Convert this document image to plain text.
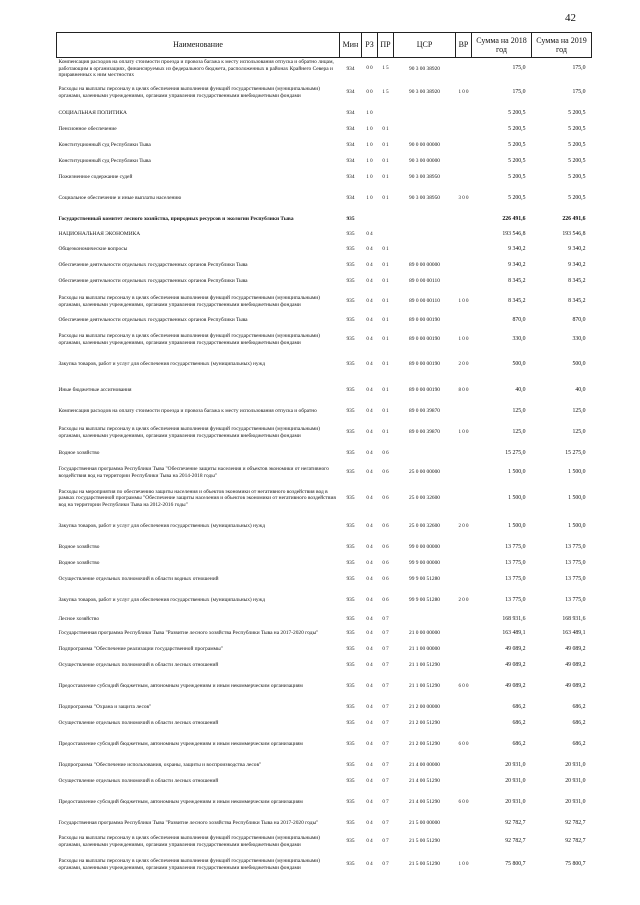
42
Наименование	Мин	РЗ	ПР	ЦСР	ВР	Сумма на 2018 год	Сумма на 2019 год
Компенсация расходов на оплату стоимости проезда и провоза багажа к месту использования отпуска и обратно лицам, работающим в организациях, финансируемых из федерального бюджета, расположенных в районах Крайнего Севера и приравненных к ним местностях	934	0 0	1 5	90 3 00 38920		175,0	175,0
Расходы на выплаты персоналу в целях обеспечения выполнения функций государственными (муниципальными) органами, казенными учреждениями, органами управления государственными внебюджетными фондами	934	0 0	1 5	90 3 00 38920	1 0 0	175,0	175,0
СОЦИАЛЬНАЯ ПОЛИТИКА	934	1 0				5 200,5	5 200,5
Пенсионное обеспечение	934	1 0	0 1			5 200,5	5 200,5
Конституционный суд Республики Тыва	934	1 0	0 1	90 0 00 00000		5 200,5	5 200,5
Конституционный суд Республики Тыва	934	1 0	0 1	90 3 00 00000		5 200,5	5 200,5
Пожизненное содержание судей	934	1 0	0 1	90 3 00 38950		5 200,5	5 200,5
Социальное обеспечение и иные выплаты населению	934	1 0	0 1	90 3 00 38950	3 0 0	5 200,5	5 200,5
Государственный комитет лесного хозяйства, природных ресурсов и экологии Республики Тыва	935					226 491,6	226 491,6
НАЦИОНАЛЬНАЯ ЭКОНОМИКА	935	0 4				193 546,8	193 546,8
Общеэкономические вопросы	935	0 4	0 1			9 340,2	9 340,2
Обеспечение деятельности отдельных государственных органов Республики Тыва	935	0 4	0 1	89 0 00 00000		9 340,2	9 340,2
Обеспечение деятельности отдельных государственных органов Республики Тыва	935	0 4	0 1	89 0 00 00110		8 345,2	8 345,2
Расходы на выплаты персоналу в целях обеспечения выполнения функций государственными (муниципальными) органами, казенными учреждениями, органами управления государственными внебюджетными фондами	935	0 4	0 1	89 0 00 00110	1 0 0	8 345,2	8 345,2
Обеспечение деятельности отдельных государственных органов Республики Тыва	935	0 4	0 1	89 0 00 00190		870,0	870,0
Расходы на выплаты персоналу в целях обеспечения выполнения функций государственными (муниципальными) органами, казенными учреждениями, органами управления государственными внебюджетными фондами	935	0 4	0 1	89 0 00 00190	1 0 0	330,0	330,0
Закупка товаров, работ и услуг для обеспечения государственных (муниципальных) нужд	935	0 4	0 1	89 0 00 00190	2 0 0	500,0	500,0
Иные бюджетные ассигнования	935	0 4	0 1	89 0 00 00190	8 0 0	40,0	40,0
Компенсация расходов на оплату стоимости проезда и провоза багажа к месту использования отпуска и обратно	935	0 4	0 1	89 0 00 39870		125,0	125,0
Расходы на выплаты персоналу в целях обеспечения выполнения функций государственными (муниципальными) органами, казенными учреждениями, органами управления государственными внебюджетными фондами	935	0 4	0 1	89 0 00 39870	1 0 0	125,0	125,0
Водное хозяйство	935	0 4	0 6			15 275,0	15 275,0
Государственная программа Республики Тыва "Обеспечение защиты населения и объектов экономики от негативного воздействия вод на территории Республики Тыва на 2014-2018 годы"	935	0 4	0 6	25 0 00 00000		1 500,0	1 500,0
Расходы на мероприятия по обеспечению защиты населения и объектов экономики от негативного воздействия вод в рамках государственной программы "Обеспечение защиты населения и объектов экономики от негативного воздействия вод на территории Республики Тыва на 2012-2016 годы"	935	0 4	0 6	25 0 00 32600		1 500,0	1 500,0
Закупка товаров, работ и услуг для обеспечения государственных (муниципальных) нужд	935	0 4	0 6	25 0 00 32600	2 0 0	1 500,0	1 500,0
Водное хозяйство	935	0 4	0 6	99 0 00 00000		13 775,0	13 775,0
Водное хозяйство	935	0 4	0 6	99 9 00 00000		13 775,0	13 775,0
Осуществление отдельных полномочий в области водных отношений	935	0 4	0 6	99 9 00 51280		13 775,0	13 775,0
Закупка товаров, работ и услуг для обеспечения государственных (муниципальных) нужд	935	0 4	0 6	99 9 00 51280	2 0 0	13 775,0	13 775,0
Лесное хозяйство	935	0 4	0 7			168 931,6	168 931,6
Государственная программа Республики Тыва "Развитие лесного хозяйства Республики Тыва на 2017-2020 годы"	935	0 4	0 7	21 0 00 00000		163 489,1	163 489,1
Подпрограмма "Обеспечение реализации государственной программы"	935	0 4	0 7	21 1 00 00000		49 089,2	49 089,2
Осуществление отдельных полномочий в области лесных отношений	935	0 4	0 7	21 1 00 51290		49 089,2	49 089,2
Предоставление субсидий бюджетным, автономным учреждениям и иным некоммерческим организациям	935	0 4	0 7	21 1 00 51290	6 0 0	49 089,2	49 089,2
Подпрограмма "Охрана и защита лесов"	935	0 4	0 7	21 2 00 00000		686,2	686,2
Осуществление отдельных полномочий в области лесных отношений	935	0 4	0 7	21 2 00 51290		686,2	686,2
Предоставление субсидий бюджетным, автономным учреждениям и иным некоммерческим организациям	935	0 4	0 7	21 2 00 51290	6 0 0	686,2	686,2
Подпрограмма "Обеспечение использования, охраны, защиты и воспроизводства лесов"	935	0 4	0 7	21 4 00 00000		20 931,0	20 931,0
Осуществление отдельных полномочий в области лесных отношений	935	0 4	0 7	21 4 00 51290		20 931,0	20 931,0
Предоставление субсидий бюджетным, автономным учреждениям и иным некоммерческим организациям	935	0 4	0 7	21 4 00 51290	6 0 0	20 931,0	20 931,0
Государственная программа Республики Тыва "Развитие лесного хозяйства Республики Тыва на 2017-2020 годы"	935	0 4	0 7	21 5 00 00000		92 782,7	92 782,7
Расходы на выплаты персоналу в целях обеспечения выполнения функций государственными (муниципальными) органами, казенными учреждениями, органами управления государственными внебюджетными фондами	935	0 4	0 7	21 5 00 51290		92 782,7	92 782,7
Расходы на выплаты персоналу в целях обеспечения выполнения функций государственными (муниципальными) органами, казенными учреждениями, органами управления государственными внебюджетными фондами	935	0 4	0 7	21 5 00 51290	1 0 0	75 800,7	75 800,7
